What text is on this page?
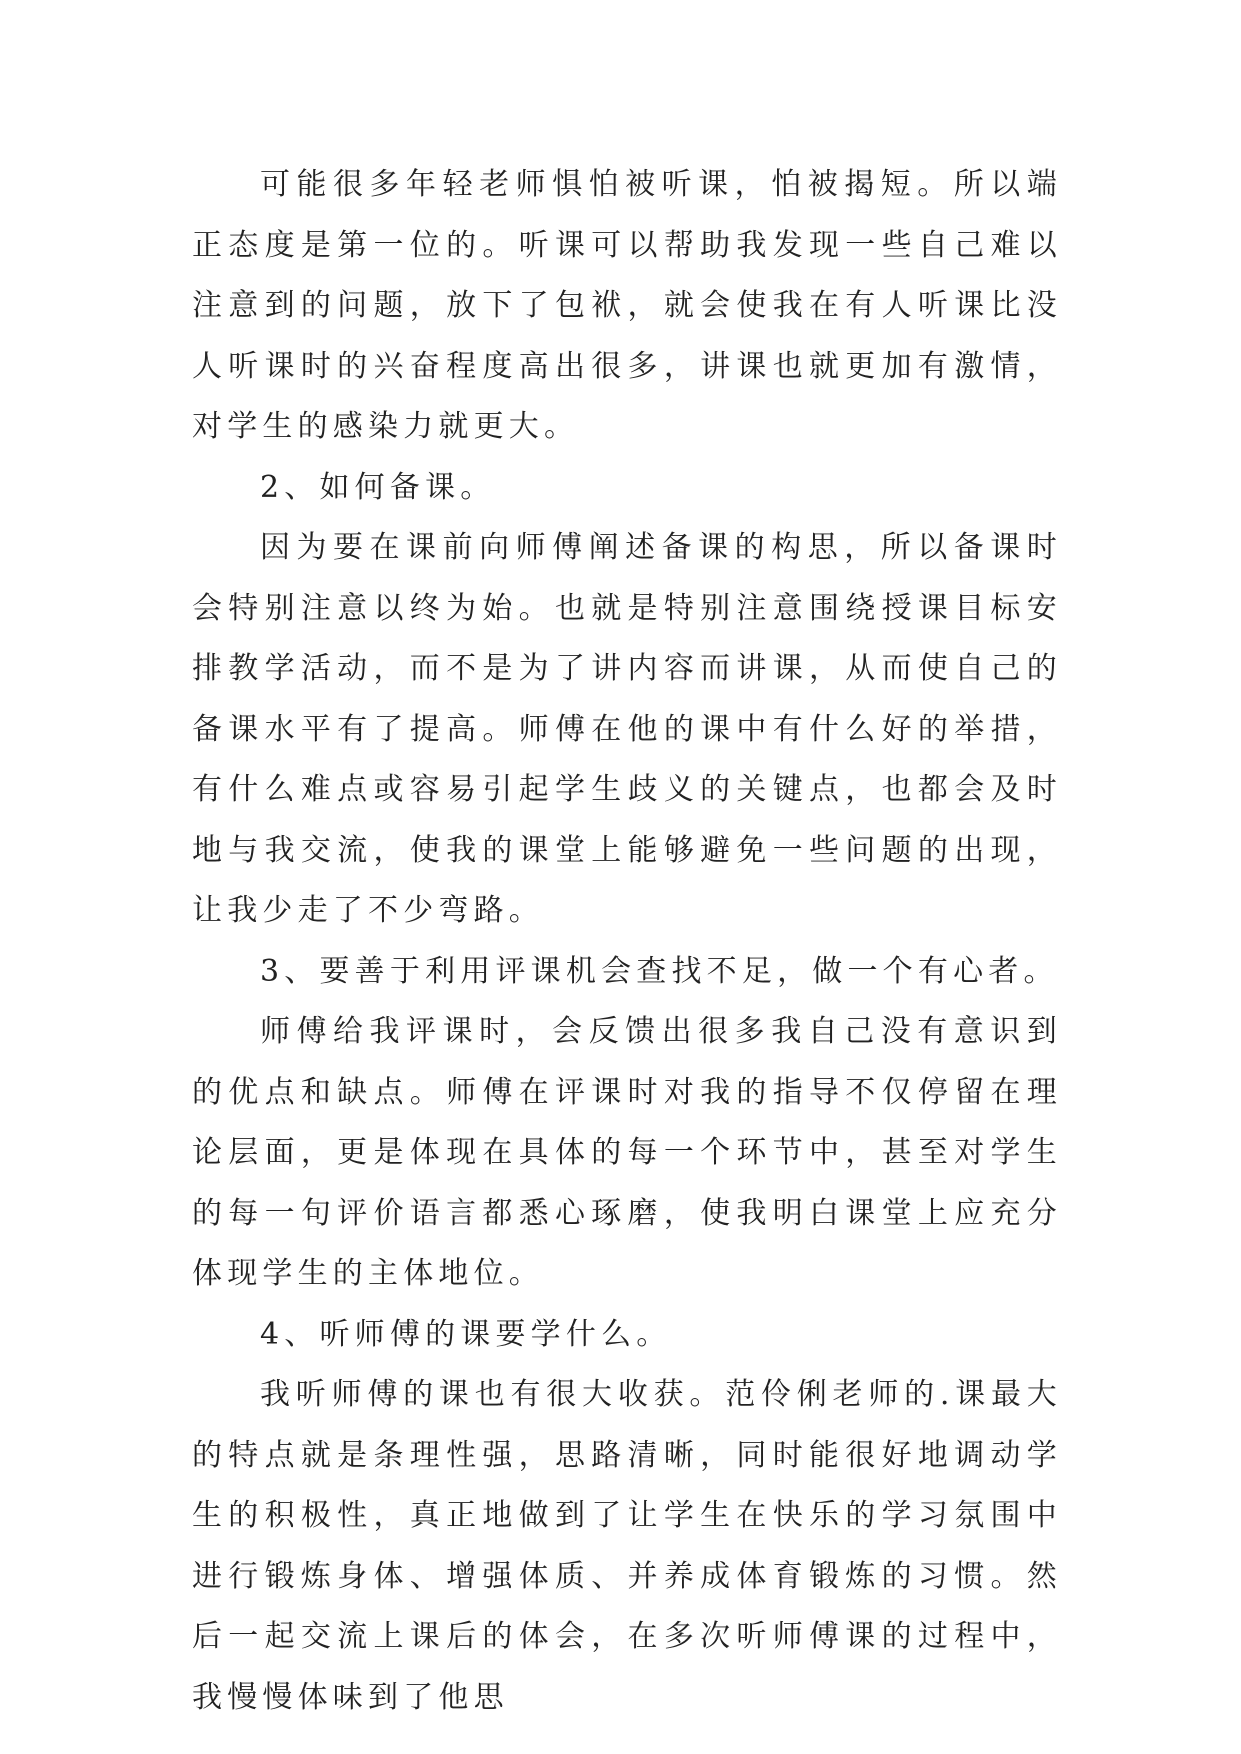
可能很多年轻老师惧怕被听课，怕被揭短。所以端正态度是第一位的。听课可以帮助我发现一些自己难以注意到的问题，放下了包袱，就会使我在有人听课比没人听课时的兴奋程度高出很多，讲课也就更加有激情，对学生的感染力就更大。

2、如何备课。

因为要在课前向师傅阐述备课的构思，所以备课时会特别注意以终为始。也就是特别注意围绕授课目标安排教学活动，而不是为了讲内容而讲课，从而使自己的备课水平有了提高。师傅在他的课中有什么好的举措，有什么难点或容易引起学生歧义的关键点，也都会及时地与我交流，使我的课堂上能够避免一些问题的出现，让我少走了不少弯路。

3、要善于利用评课机会查找不足，做一个有心者。

师傅给我评课时，会反馈出很多我自己没有意识到的优点和缺点。师傅在评课时对我的指导不仅停留在理论层面，更是体现在具体的每一个环节中，甚至对学生的每一句评价语言都悉心琢磨，使我明白课堂上应充分体现学生的主体地位。

4、听师傅的课要学什么。

我听师傅的课也有很大收获。范伶俐老师的.课最大的特点就是条理性强，思路清晰，同时能很好地调动学生的积极性，真正地做到了让学生在快乐的学习氛围中进行锻炼身体、增强体质、并养成体育锻炼的习惯。然后一起交流上课后的体会，在多次听师傅课的过程中，我慢慢体味到了他思
